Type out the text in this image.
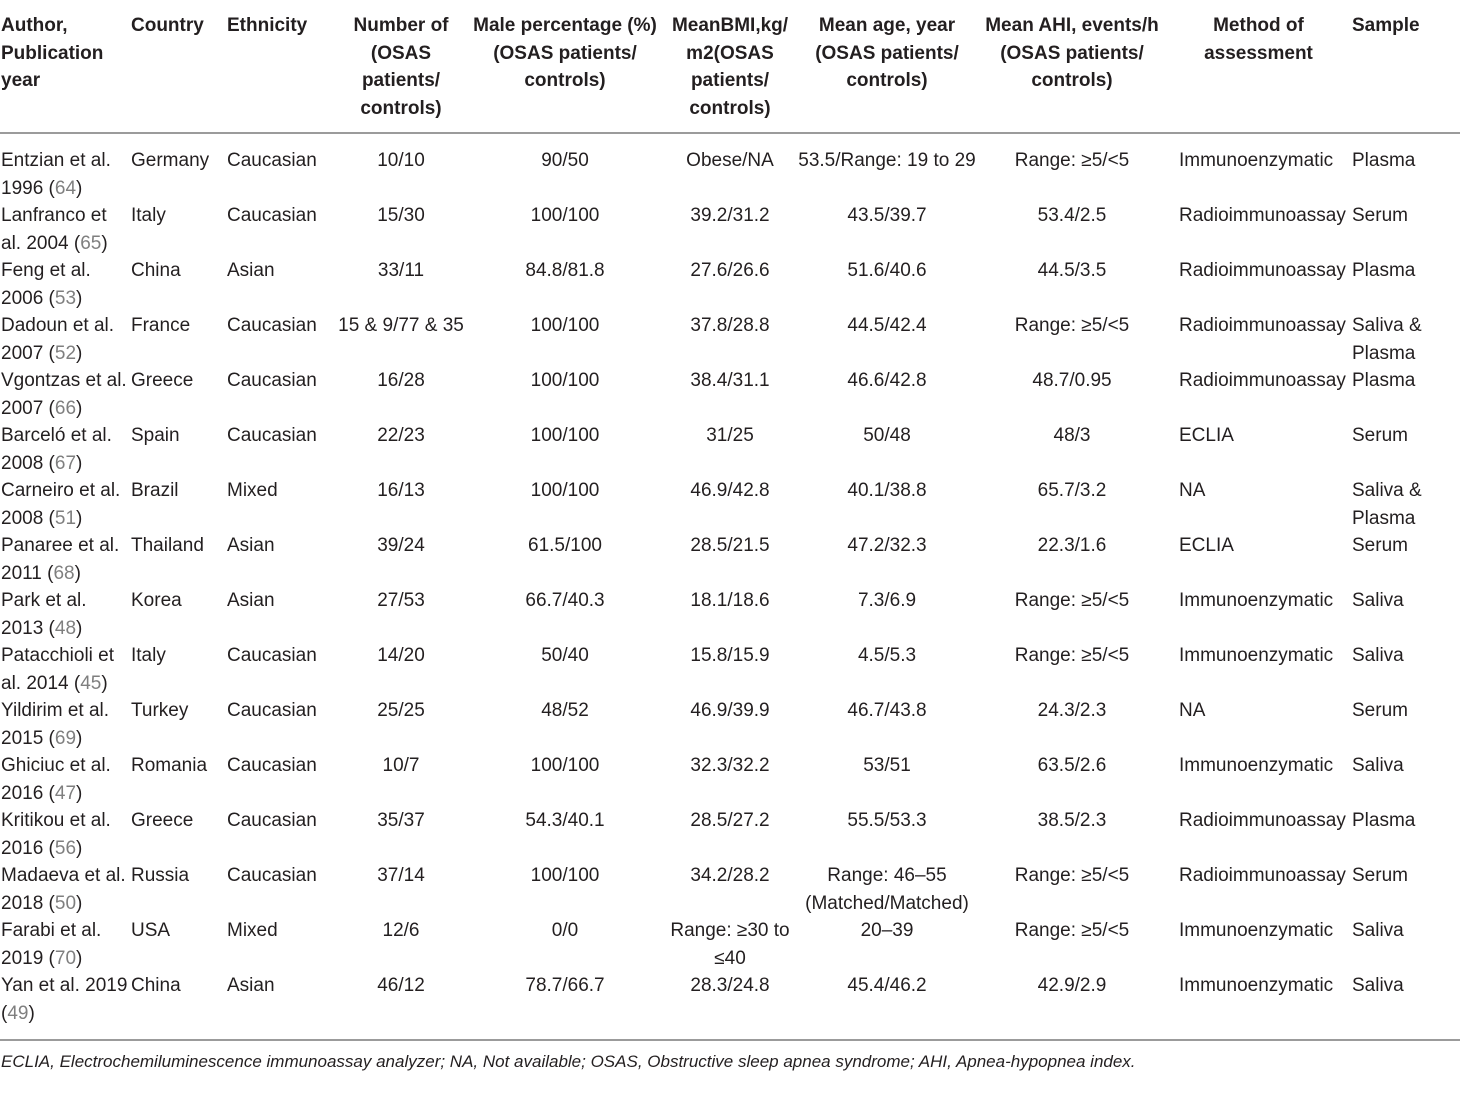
Author, Publication year	Country	Ethnicity	Number of (OSAS patients/ controls)	Male percentage (%) (OSAS patients/ controls)	MeanBMI,kg/ m2(OSAS patients/ controls)	Mean age, year (OSAS patients/ controls)	Mean AHI, events/h (OSAS patients/ controls)	Method of assessment	Sample
Entzian et al. 1996 (64)	Germany	Caucasian	10/10	90/50	Obese/NA	53.5/Range: 19 to 29	Range: ≥5/<5	Immunoenzymatic	Plasma
Lanfranco et al. 2004 (65)	Italy	Caucasian	15/30	100/100	39.2/31.2	43.5/39.7	53.4/2.5	Radioimmunoassay	Serum
Feng et al. 2006 (53)	China	Asian	33/11	84.8/81.8	27.6/26.6	51.6/40.6	44.5/3.5	Radioimmunoassay	Plasma
Dadoun et al. 2007 (52)	France	Caucasian	15 & 9/77 & 35	100/100	37.8/28.8	44.5/42.4	Range: ≥5/<5	Radioimmunoassay	Saliva & Plasma
Vgontzas et al. 2007 (66)	Greece	Caucasian	16/28	100/100	38.4/31.1	46.6/42.8	48.7/0.95	Radioimmunoassay	Plasma
Barceló et al. 2008 (67)	Spain	Caucasian	22/23	100/100	31/25	50/48	48/3	ECLIA	Serum
Carneiro et al. 2008 (51)	Brazil	Mixed	16/13	100/100	46.9/42.8	40.1/38.8	65.7/3.2	NA	Saliva & Plasma
Panaree et al. 2011 (68)	Thailand	Asian	39/24	61.5/100	28.5/21.5	47.2/32.3	22.3/1.6	ECLIA	Serum
Park et al. 2013 (48)	Korea	Asian	27/53	66.7/40.3	18.1/18.6	7.3/6.9	Range: ≥5/<5	Immunoenzymatic	Saliva
Patacchioli et al. 2014 (45)	Italy	Caucasian	14/20	50/40	15.8/15.9	4.5/5.3	Range: ≥5/<5	Immunoenzymatic	Saliva
Yildirim et al. 2015 (69)	Turkey	Caucasian	25/25	48/52	46.9/39.9	46.7/43.8	24.3/2.3	NA	Serum
Ghiciuc et al. 2016 (47)	Romania	Caucasian	10/7	100/100	32.3/32.2	53/51	63.5/2.6	Immunoenzymatic	Saliva
Kritikou et al. 2016 (56)	Greece	Caucasian	35/37	54.3/40.1	28.5/27.2	55.5/53.3	38.5/2.3	Radioimmunoassay	Plasma
Madaeva et al. 2018 (50)	Russia	Caucasian	37/14	100/100	34.2/28.2	Range: 46–55 (Matched/Matched)	Range: ≥5/<5	Radioimmunoassay	Serum
Farabi et al. 2019 (70)	USA	Mixed	12/6	0/0	Range: ≥30 to ≤40	20–39	Range: ≥5/<5	Immunoenzymatic	Saliva
Yan et al. 2019 (49)	China	Asian	46/12	78.7/66.7	28.3/24.8	45.4/46.2	42.9/2.9	Immunoenzymatic	Saliva
ECLIA, Electrochemiluminescence immunoassay analyzer; NA, Not available; OSAS, Obstructive sleep apnea syndrome; AHI, Apnea-hypopnea index.
